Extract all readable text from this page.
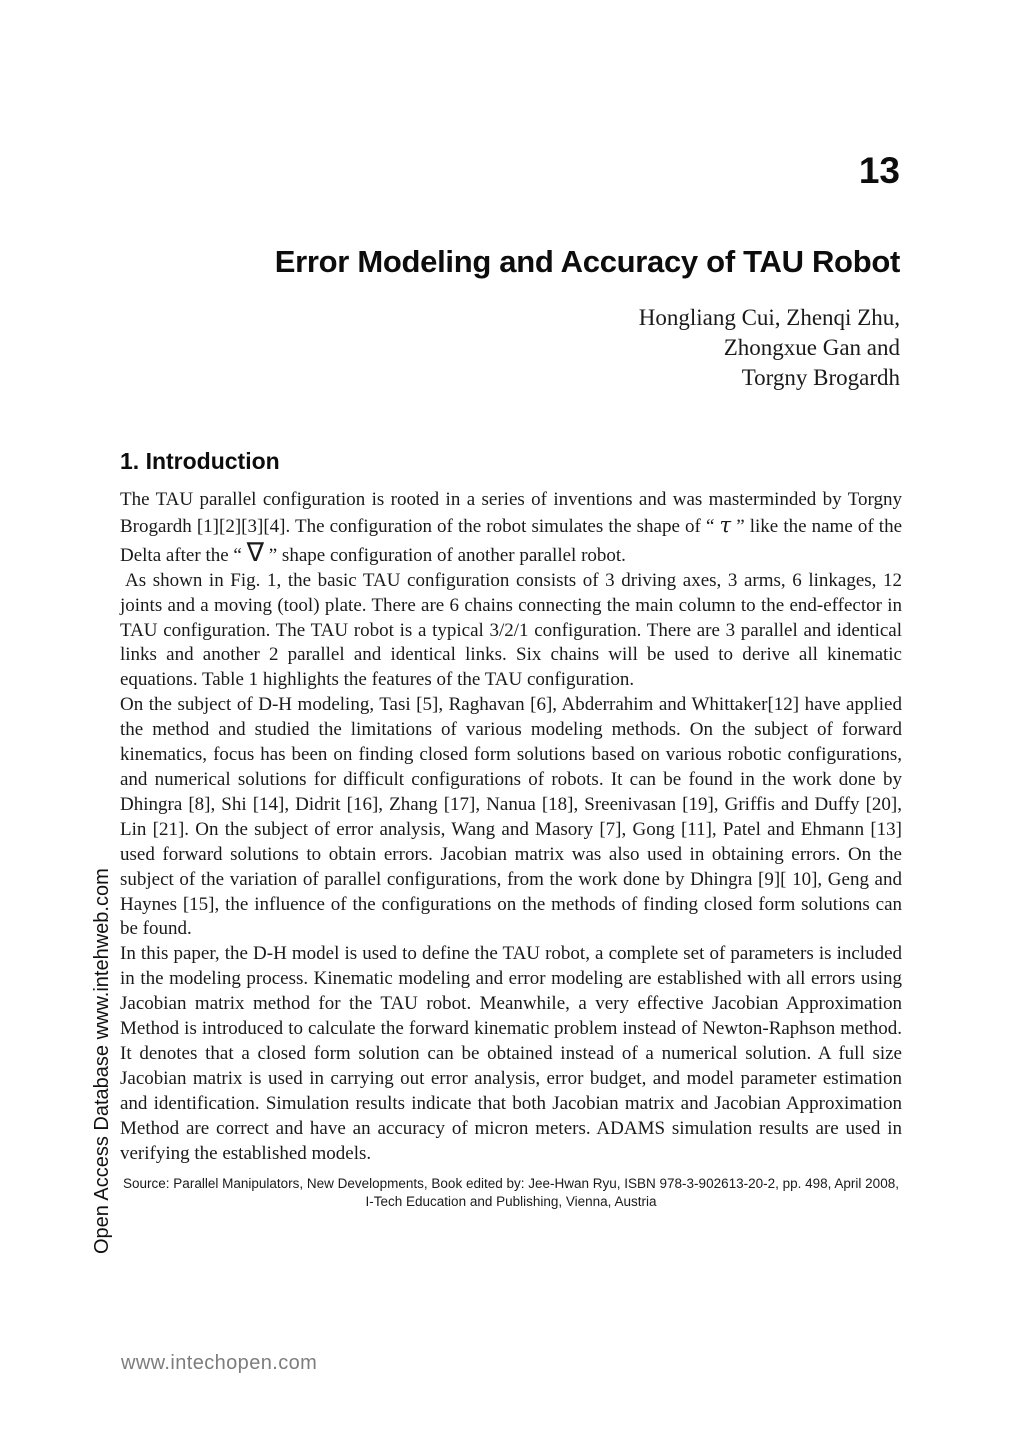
13
Error Modeling and Accuracy of TAU Robot
Hongliang Cui, Zhenqi Zhu,
Zhongxue Gan and
Torgny Brogardh
1. Introduction

The TAU parallel configuration is rooted in a series of inventions and was masterminded by Torgny Brogardh [1][2][3][4]. The configuration of the robot simulates the shape of “ τ ” like the name of the Delta after the “ ∇ ” shape configuration of another parallel robot.

As shown in Fig. 1, the basic TAU configuration consists of 3 driving axes, 3 arms, 6 linkages, 12 joints and a moving (tool) plate. There are 6 chains connecting the main column to the end-effector in TAU configuration. The TAU robot is a typical 3/2/1 configuration. There are 3 parallel and identical links and another 2 parallel and identical links. Six chains will be used to derive all kinematic equations. Table 1 highlights the features of the TAU configuration.

On the subject of D-H modeling, Tasi [5], Raghavan [6], Abderrahim and Whittaker[12] have applied the method and studied the limitations of various modeling methods. On the subject of forward kinematics, focus has been on finding closed form solutions based on various robotic configurations, and numerical solutions for difficult configurations of robots. It can be found in the work done by Dhingra [8], Shi [14], Didrit [16], Zhang [17], Nanua [18], Sreenivasan [19], Griffis and Duffy [20], Lin [21]. On the subject of error analysis, Wang and Masory [7], Gong [11], Patel and Ehmann [13] used forward solutions to obtain errors. Jacobian matrix was also used in obtaining errors. On the subject of the variation of parallel configurations, from the work done by Dhingra [9][ 10], Geng and Haynes [15], the influence of the configurations on the methods of finding closed form solutions can be found.

In this paper, the D-H model is used to define the TAU robot, a complete set of parameters is included in the modeling process. Kinematic modeling and error modeling are established with all errors using Jacobian matrix method for the TAU robot. Meanwhile, a very effective Jacobian Approximation Method is introduced to calculate the forward kinematic problem instead of Newton-Raphson method. It denotes that a closed form solution can be obtained instead of a numerical solution. A full size Jacobian matrix is used in carrying out error analysis, error budget, and model parameter estimation and identification. Simulation results indicate that both Jacobian matrix and Jacobian Approximation Method are correct and have an accuracy of micron meters. ADAMS simulation results are used in verifying the established models.

Source: Parallel Manipulators, New Developments, Book edited by: Jee-Hwan Ryu, ISBN 978-3-902613-20-2, pp. 498, April 2008,
I-Tech Education and Publishing, Vienna, Austria
Open Access Database www.intehweb.com
www.intechopen.com
